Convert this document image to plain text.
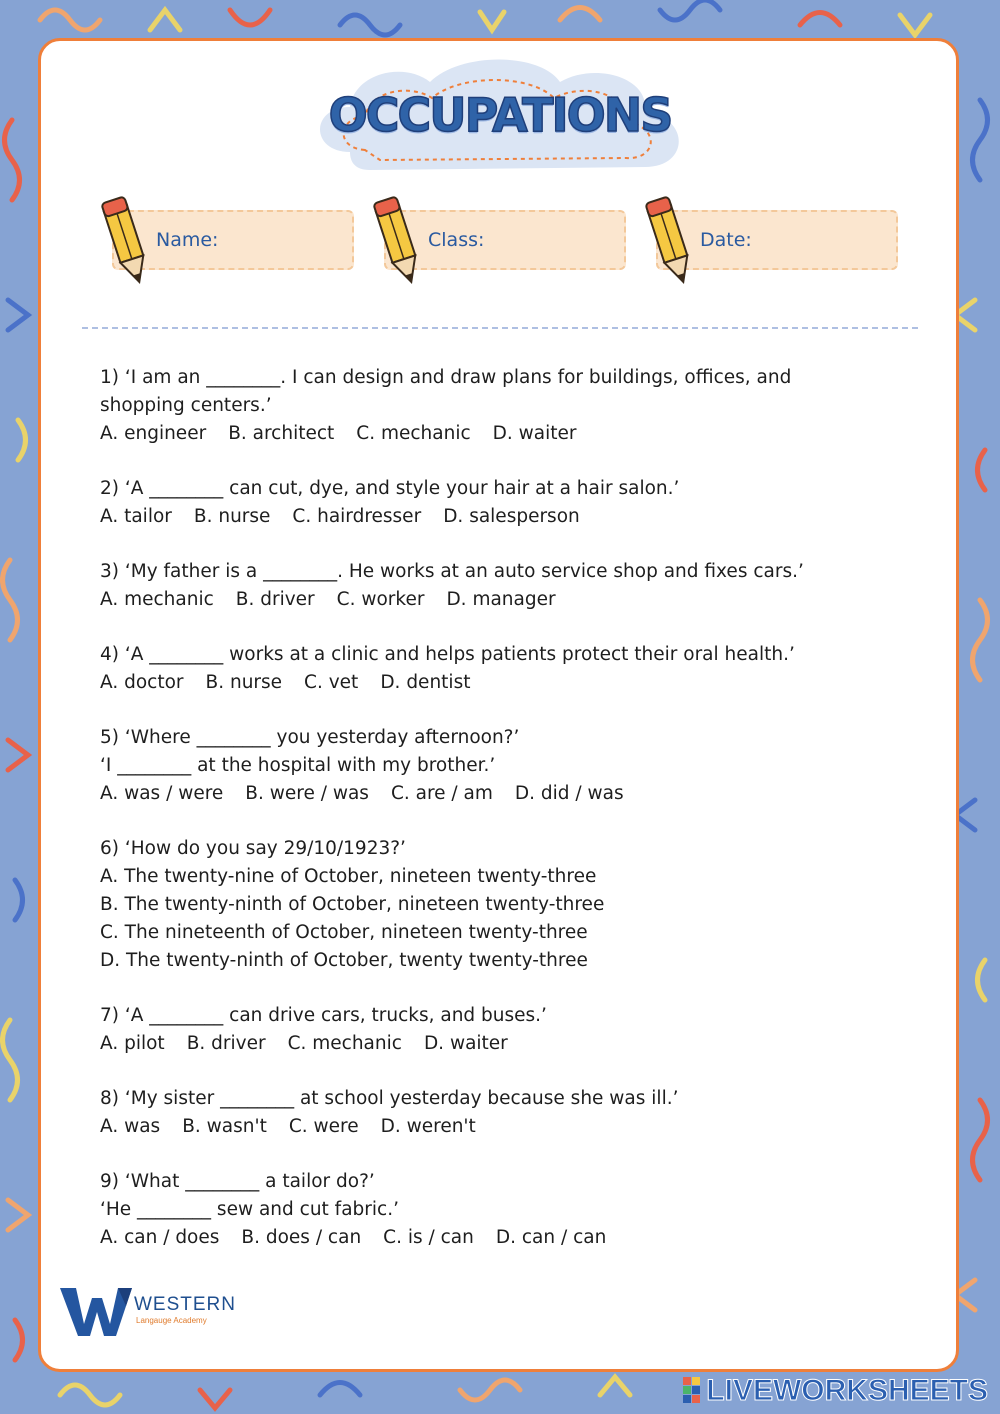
OCCUPATIONS
Name:	Class:	Date:
1) ‘I am an ________. I can design and draw plans for buildings, offices, and
shopping centers.’
A. engineer B. architect C. mechanic D. waiter
2) ‘A ________ can cut, dye, and style your hair at a hair salon.’
A. tailor B. nurse C. hairdresser D. salesperson
3) ‘My father is a ________. He works at an auto service shop and fixes cars.’
A. mechanic B. driver C. worker D. manager
4) ‘A ________ works at a clinic and helps patients protect their oral health.’
A. doctor B. nurse C. vet D. dentist
5) ‘Where ________ you yesterday afternoon?’
‘I ________ at the hospital with my brother.’
A. was / were B. were / was C. are / am D. did / was
6) ‘How do you say 29/10/1923?’
A. The twenty-nine of October, nineteen twenty-three
B. The twenty-ninth of October, nineteen twenty-three
C. The nineteenth of October, nineteen twenty-three
D. The twenty-ninth of October, twenty twenty-three
7) ‘A ________ can drive cars, trucks, and buses.’
A. pilot B. driver C. mechanic D. waiter
8) ‘My sister ________ at school yesterday because she was ill.’
A. was B. wasn't C. were D. weren't
9) ‘What ________ a tailor do?’
‘He ________ sew and cut fabric.’
A. can / does B. does / can C. is / can D. can / can
WESTERN
Langauge Academy
LIVEWORKSHEETS
